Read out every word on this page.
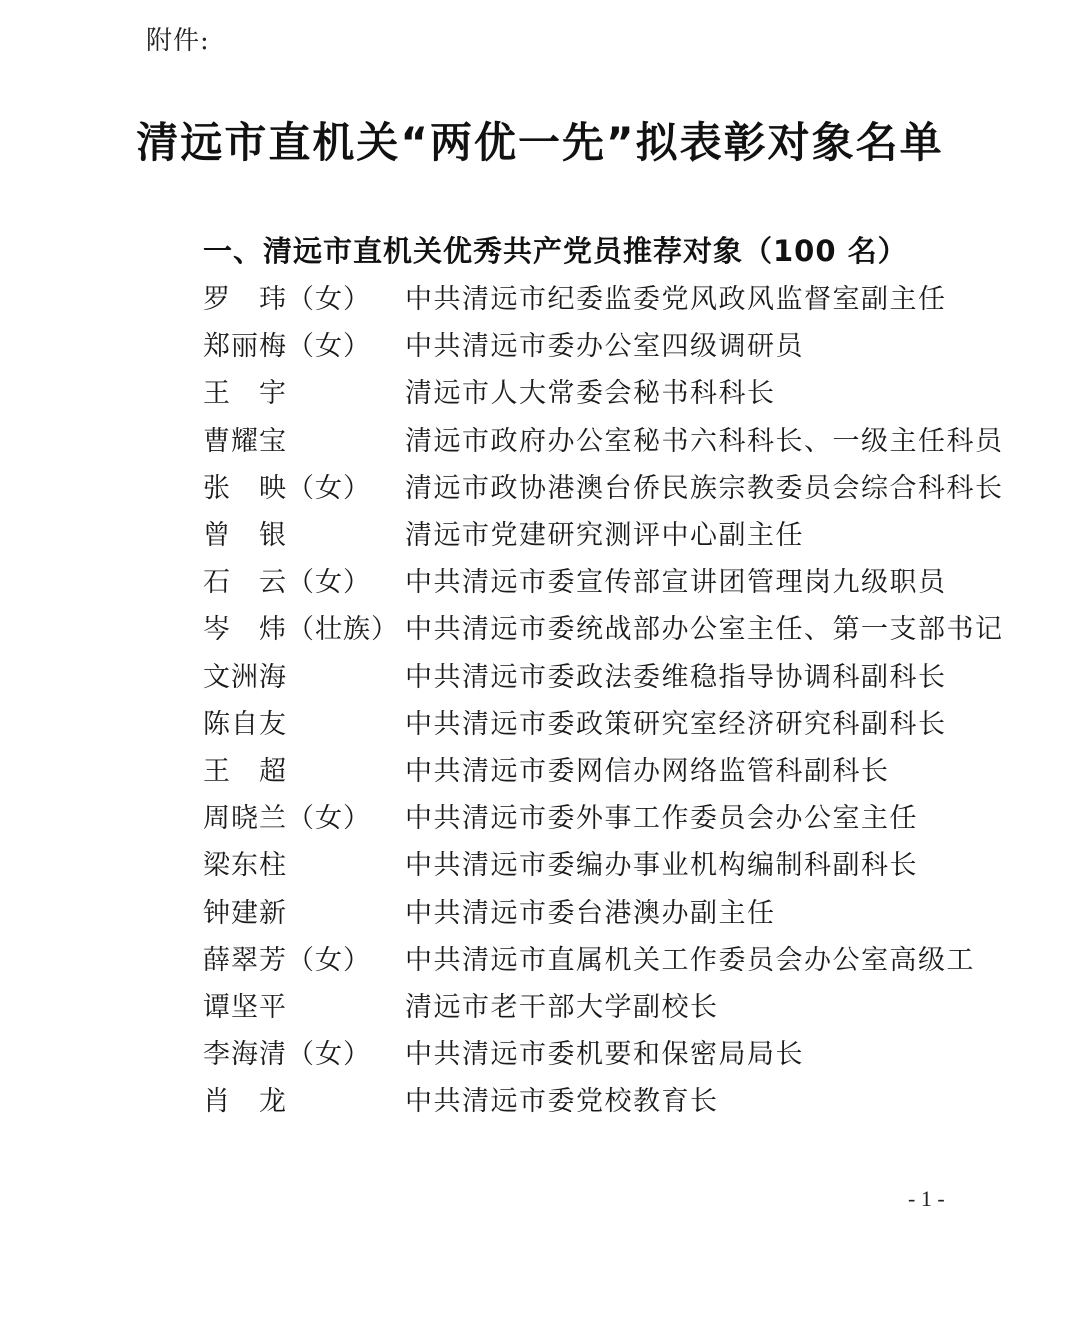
附件:
清远市直机关“两优一先”拟表彰对象名单
一、清远市直机关优秀共产党员推荐对象（100 名）
罗　玮（女）	中共清远市纪委监委党风政风监督室副主任
郑丽梅（女）	中共清远市委办公室四级调研员
王　宇	清远市人大常委会秘书科科长
曹耀宝	清远市政府办公室秘书六科科长、一级主任科员
张　映（女）	清远市政协港澳台侨民族宗教委员会综合科科长
曾　银	清远市党建研究测评中心副主任
石　云（女）	中共清远市委宣传部宣讲团管理岗九级职员
岑　炜（壮族） 中共清远市委统战部办公室主任、第一支部书记
文洲海	中共清远市委政法委维稳指导协调科副科长
陈自友	中共清远市委政策研究室经济研究科副科长
王　超	中共清远市委网信办网络监管科副科长
周晓兰（女）	中共清远市委外事工作委员会办公室主任
梁东柱	中共清远市委编办事业机构编制科副科长
钟建新	中共清远市委台港澳办副主任
薛翠芳（女）	中共清远市直属机关工作委员会办公室高级工
谭坚平	清远市老干部大学副校长
李海清（女）	中共清远市委机要和保密局局长
肖　龙	中共清远市委党校教育长
- 1 -
